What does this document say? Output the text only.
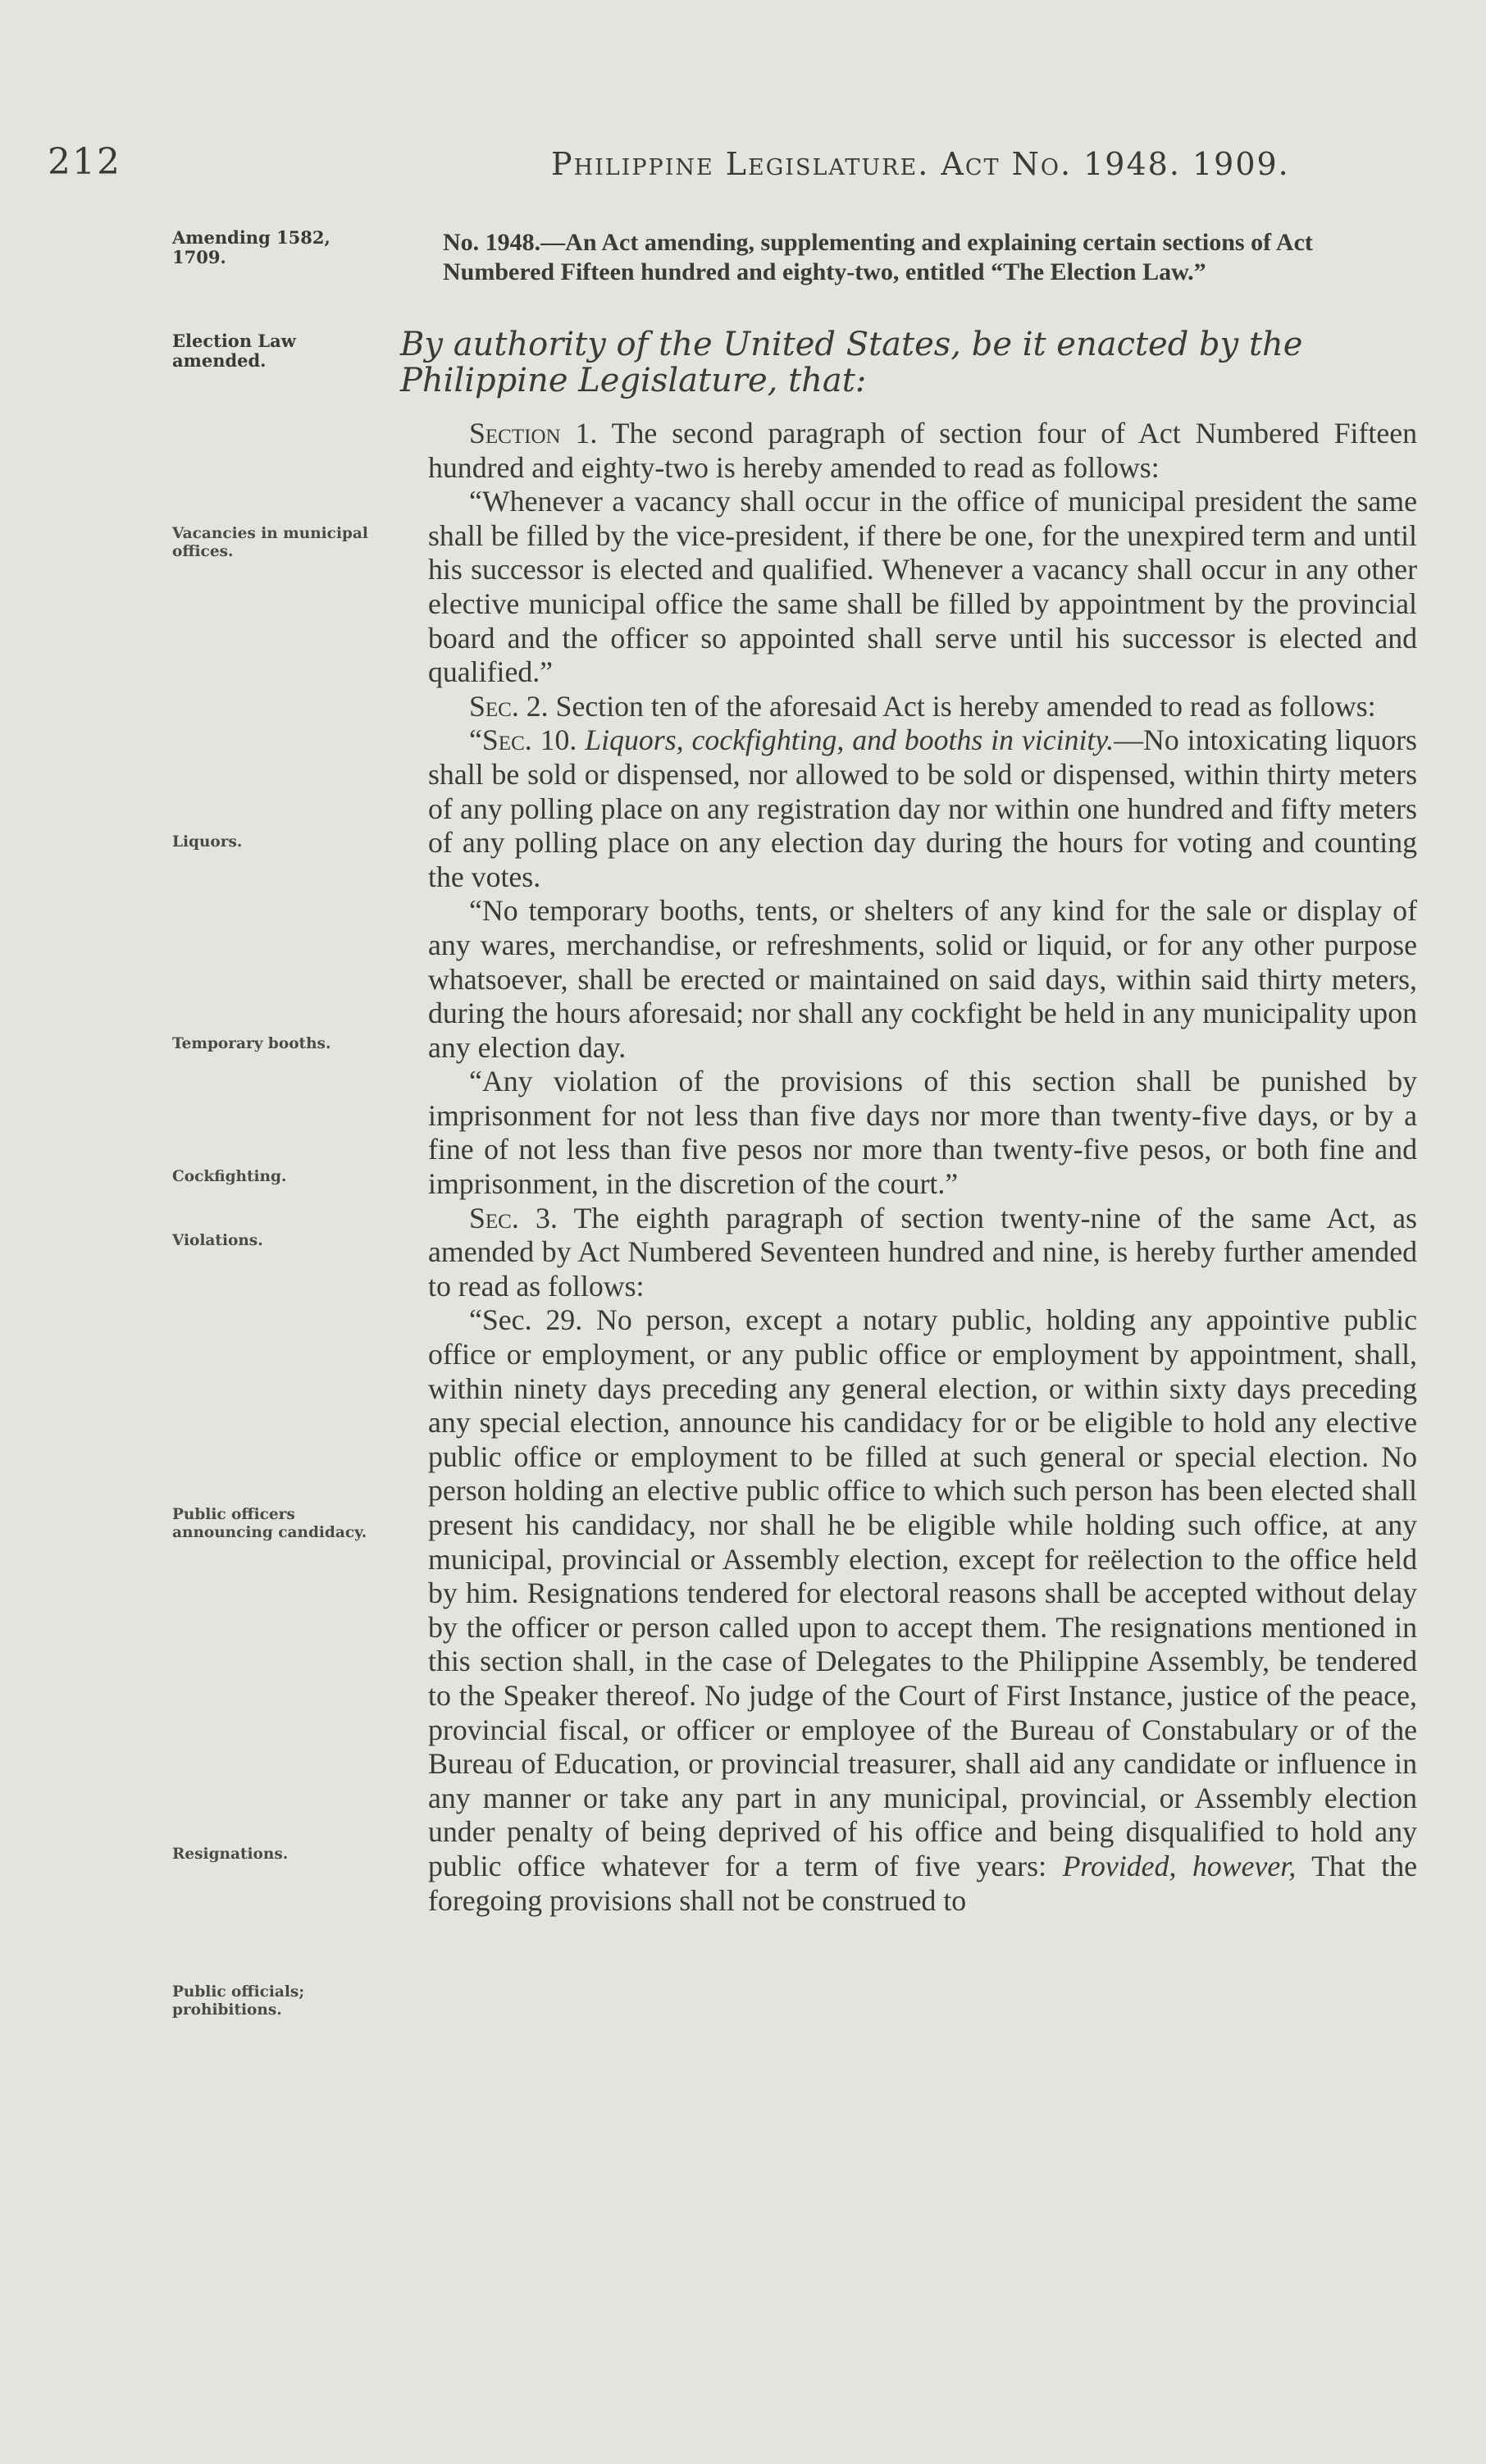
212	Philippine Legislature. Act No. 1948. 1909.
Amending 1582, 1709.
No. 1948.—An Act amending, supplementing and explaining certain sections of Act Numbered Fifteen hundred and eighty-two, entitled “The Election Law.”
Election Law amended.	By authority of the United States, be it enacted by the Philippine Legislature, that:

Section 1. The second paragraph of section four of Act Numbered Fifteen hundred and eighty-two is hereby amended to read as follows:

“Whenever a vacancy shall occur in the office of municipal president the same shall be filled by the vice-president, if there be one, for the unexpired term and until his successor is elected and qualified. Whenever a vacancy shall occur in any other elective municipal office the same shall be filled by appointment by the provincial board and the officer so appointed shall serve until his successor is elected and qualified.”

Sec. 2. Section ten of the aforesaid Act is hereby amended to read as follows:

“Sec. 10. Liquors, cockfighting, and booths in vicinity.—No intoxicating liquors shall be sold or dispensed, nor allowed to be sold or dispensed, within thirty meters of any polling place on any registration day nor within one hundred and fifty meters of any polling place on any election day during the hours for voting and counting the votes.

“No temporary booths, tents, or shelters of any kind for the sale or display of any wares, merchandise, or refreshments, solid or liquid, or for any other purpose whatsoever, shall be erected or maintained on said days, within said thirty meters, during the hours aforesaid; nor shall any cockfight be held in any municipality upon any election day.

“Any violation of the provisions of this section shall be punished by imprisonment for not less than five days nor more than twenty-five days, or by a fine of not less than five pesos nor more than twenty-five pesos, or both fine and imprisonment, in the discretion of the court.”

Sec. 3. The eighth paragraph of section twenty-nine of the same Act, as amended by Act Numbered Seventeen hundred and nine, is hereby further amended to read as follows:

“Sec. 29. No person, except a notary public, holding any appointive public office or employment, or any public office or employment by appointment, shall, within ninety days preceding any general election, or within sixty days preceding any special election, announce his candidacy for or be eligible to hold any elective public office or employment to be filled at such general or special election. No person holding an elective public office to which such person has been elected shall present his candidacy, nor shall he be eligible while holding such office, at any municipal, provincial or Assembly election, except for reëlection to the office held by him. Resignations tendered for electoral reasons shall be accepted without delay by the officer or person called upon to accept them. The resignations mentioned in this section shall, in the case of Delegates to the Philippine Assembly, be tendered to the Speaker thereof. No judge of the Court of First Instance, justice of the peace, provincial fiscal, or officer or employee of the Bureau of Constabulary or of the Bureau of Education, or provincial treasurer, shall aid any candidate or influence in any manner or take any part in any municipal, provincial, or Assembly election under penalty of being deprived of his office and being disqualified to hold any public office whatever for a term of five years: Provided, however, That the foregoing provisions shall not be construed to

Vacancies in municipal offices.
Liquors.
Temporary booths.
Cockfighting.
Violations.
Public officers announcing candidacy.
Resignations.
Public officials; prohibitions.
